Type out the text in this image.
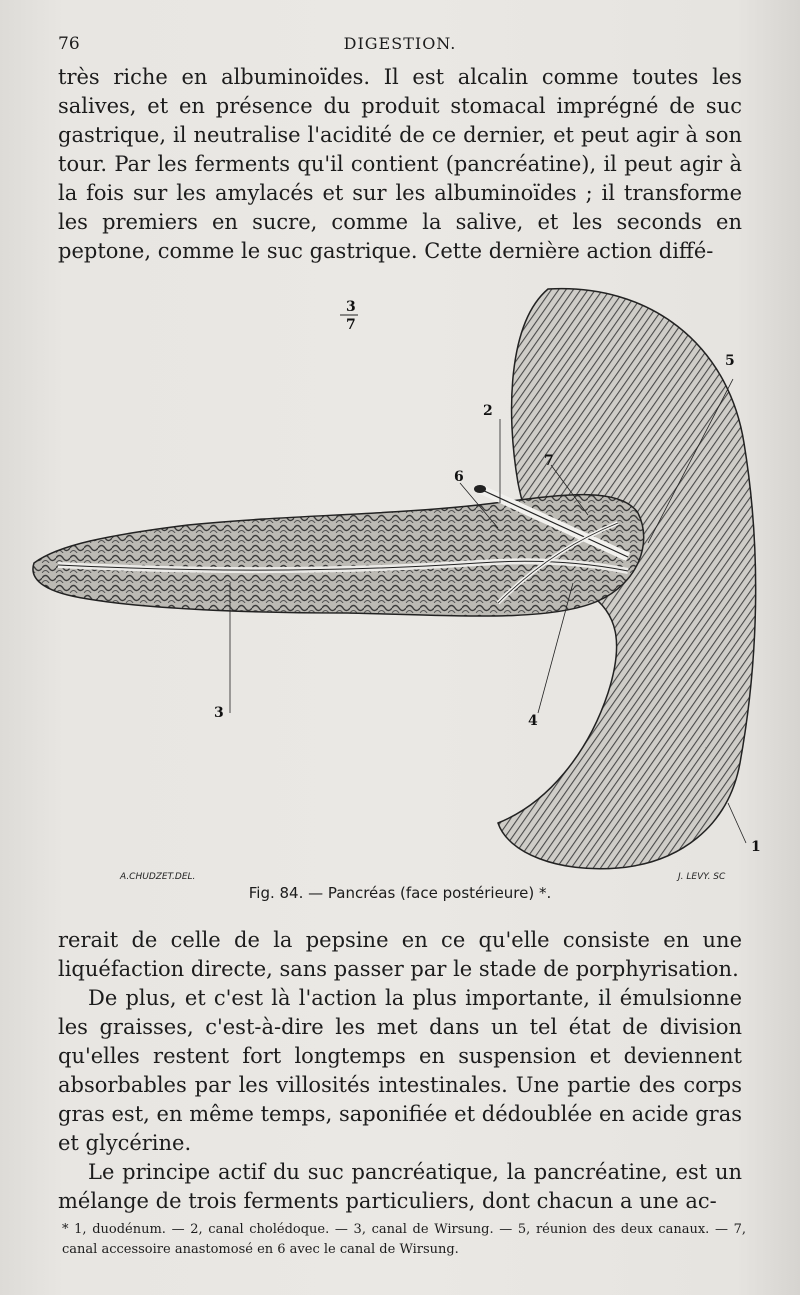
76	DIGESTION.

très riche en albuminoïdes. Il est alcalin comme toutes les salives, et en présence du produit stomacal imprégné de suc gastrique, il neutralise l'acidité de ce dernier, et peut agir à son tour. Par les ferments qu'il contient (pancréatine), il peut agir à la fois sur les amylacés et sur les albuminoïdes ; il transforme les premiers en sucre, comme la salive, et les seconds en peptone, comme le suc gastrique. Cette dernière action diffé-

1
2
3
7
3	4
5
6
7
A.CHUDZET.DEL.	J. LEVY. SC
Fig. 84. — Pancréas (face postérieure) *.

rerait de celle de la pepsine en ce qu'elle consiste en une liquéfaction directe, sans passer par le stade de porphyrisation.

De plus, et c'est là l'action la plus importante, il émulsionne les graisses, c'est-à-dire les met dans un tel état de division qu'elles restent fort longtemps en suspension et deviennent absorbables par les villosités intestinales. Une partie des corps gras est, en même temps, saponifiée et dédoublée en acide gras et glycérine.

Le principe actif du suc pancréatique, la pancréatine, est un mélange de trois ferments particuliers, dont chacun a une ac-

* 1, duodénum. — 2, canal cholédoque. — 3, canal de Wirsung. — 5, réunion des deux canaux. — 7, canal accessoire anastomosé en 6 avec le canal de Wirsung.
